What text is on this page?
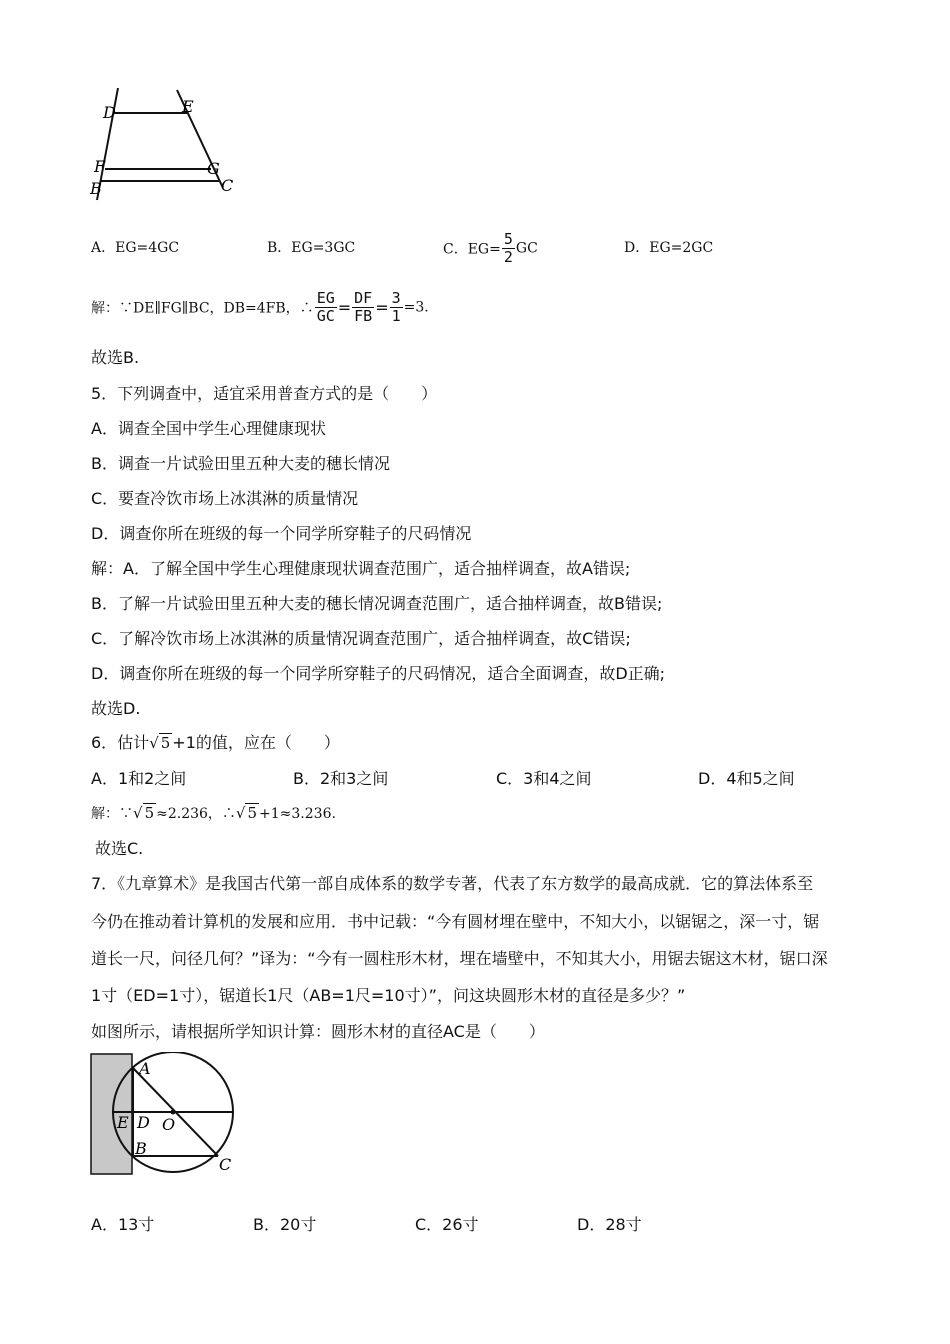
D	E
F	G
B	C
A．EG=4GC	B．EG=3GC	C．$EG= \frac{5}{2}$ GC	D．EG=2GC
解：∵DE∥FG∥BC，DB=4FB，∴ $\frac{EG}{GC} = \frac{DF}{FB} = \frac{3}{1} =3$.
故选B.
5．下列调查中，适宜采用普查方式的是（　　）
A．调查全国中学生心理健康现状
B．调查一片试验田里五种大麦的穗长情况
C．要查冷饮市场上冰淇淋的质量情况
D．调查你所在班级的每一个同学所穿鞋子的尺码情况
解：A．了解全国中学生心理健康现状调查范围广，适合抽样调查，故A错误;
B．了解一片试验田里五种大麦的穗长情况调查范围广，适合抽样调查，故B错误;
C．了解冷饮市场上冰淇淋的质量情况调查范围广，适合抽样调查，故C错误;
D．调查你所在班级的每一个同学所穿鞋子的尺码情况，适合全面调查，故D正确;
故选D.
6．估计√ 5 +1的值，应在（　　）
A．1和2之间	B．2和3之间	C．3和4之间	D．4和5之间
解：∵√ 5 ≈2.236，∴√ 5 +1≈3.236.
故选C.
7．《九章算术》是我国古代第一部自成体系的数学专著，代表了东方数学的最高成就．它的算法体系至
今仍在推动着计算机的发展和应用．书中记载：“今有圆材埋在壁中，不知大小，以锯锯之，深一寸，锯
道长一尺，问径几何？”译为：“今有一圆柱形木材，埋在墙壁中，不知其大小，用锯去锯这木材，锯口深
1寸（ED=1寸），锯道长1尺（AB=1尺=10寸）”，问这块圆形木材的直径是多少？”
如图所示，请根据所学知识计算：圆形木材的直径AC是（　　）
A
E D O
B
C
A．13寸	B．20寸	C．26寸	D．28寸
